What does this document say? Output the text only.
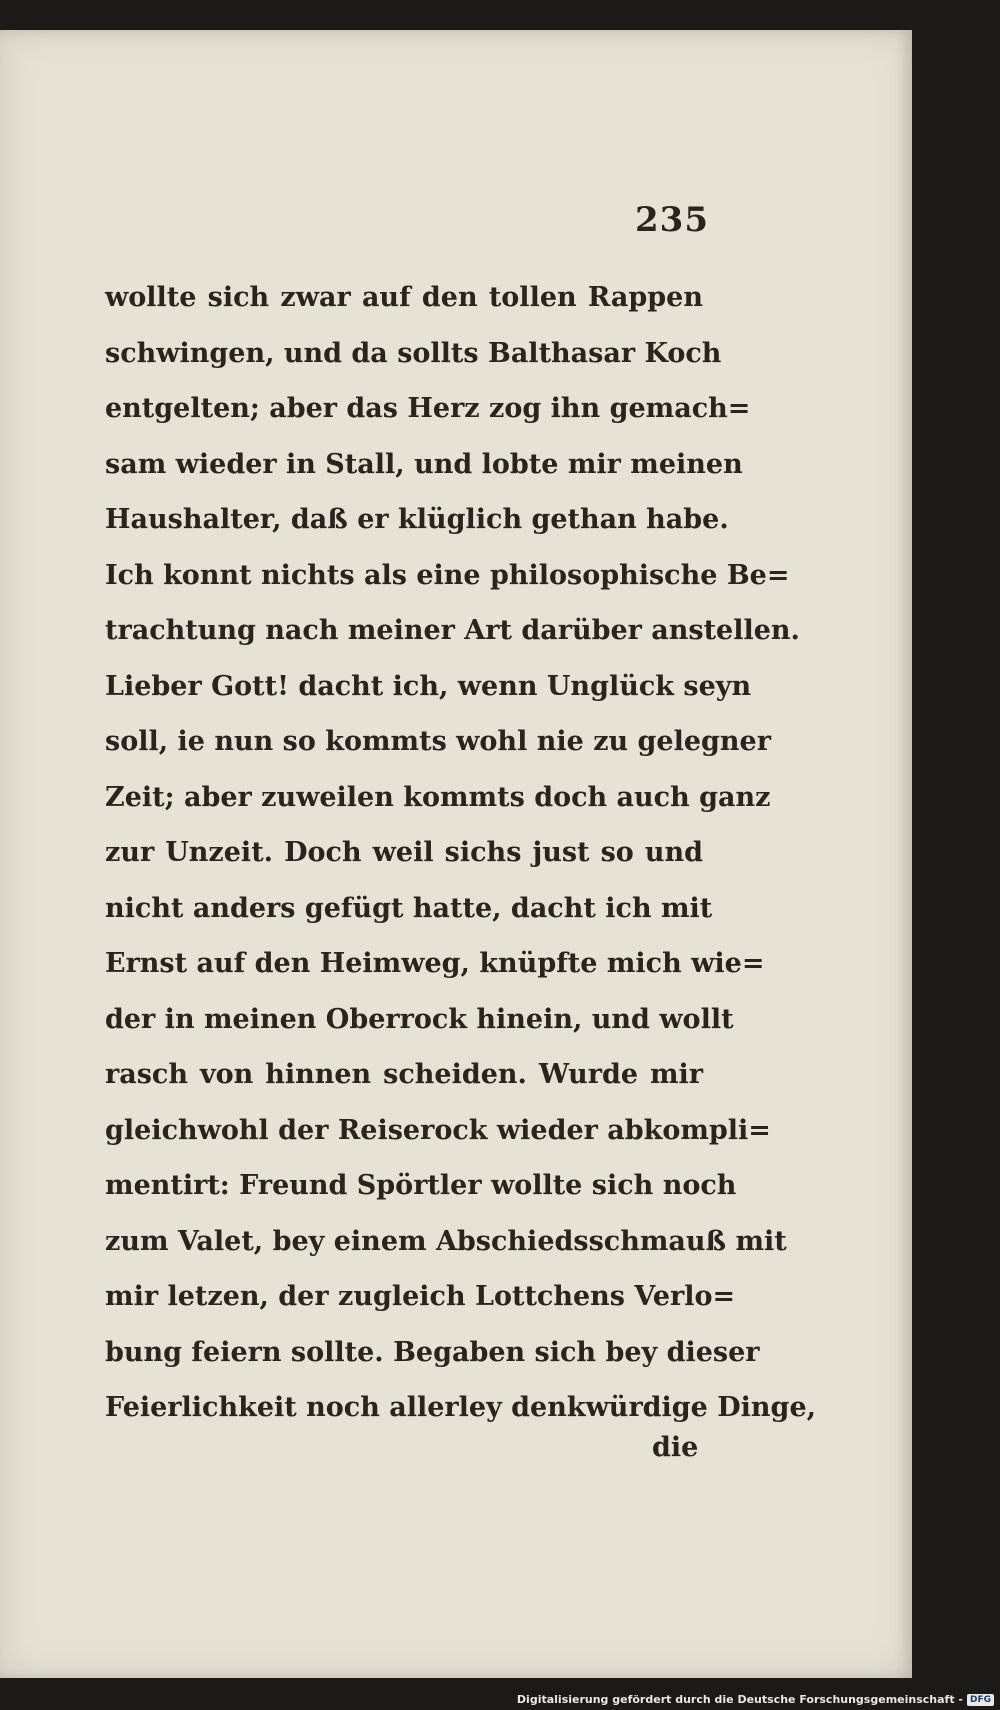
235
wollte sich zwar auf den tollen Rappen
schwingen, und da sollts Balthasar Koch
entgelten; aber das Herz zog ihn gemach=
sam wieder in Stall, und lobte mir meinen
Haushalter, daß er klüglich gethan habe.
Ich konnt nichts als eine philosophische Be=
trachtung nach meiner Art darüber anstellen.
Lieber Gott! dacht ich, wenn Unglück seyn
soll, ie nun so kommts wohl nie zu gelegner
Zeit; aber zuweilen kommts doch auch ganz
zur Unzeit. Doch weil sichs just so und
nicht anders gefügt hatte, dacht ich mit
Ernst auf den Heimweg, knüpfte mich wie=
der in meinen Oberrock hinein, und wollt
rasch von hinnen scheiden. Wurde mir
gleichwohl der Reiserock wieder abkompli=
mentirt: Freund Spörtler wollte sich noch
zum Valet, bey einem Abschiedsschmauß mit
mir letzen, der zugleich Lottchens Verlo=
bung feiern sollte. Begaben sich bey dieser
Feierlichkeit noch allerley denkwürdige Dinge,
die
Digitalisierung gefördert durch die Deutsche Forschungsgemeinschaft - DFG
